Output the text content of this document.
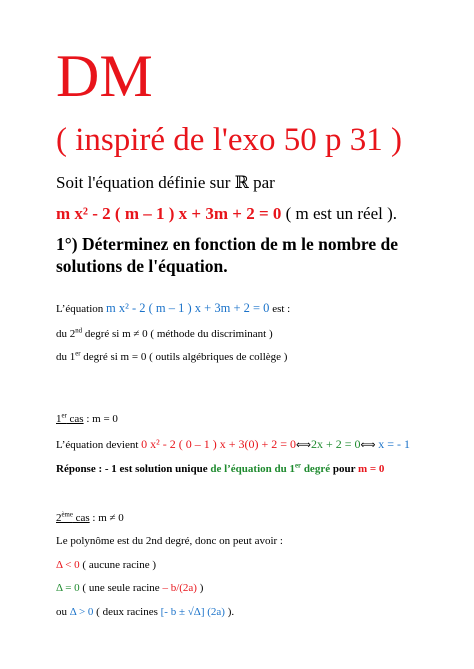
DM
( inspiré de l'exo 50 p 31 )
Soit l'équation définie sur ℝ par
m x² - 2 ( m – 1 ) x + 3m + 2 = 0 ( m est un réel ).
1°) Déterminez en fonction de m le nombre de solutions de l'équation.
L’équation m x² - 2 ( m – 1 ) x + 3m + 2 = 0 est :
du 2nd degré si m ≠ 0 ( méthode du discriminant )
du 1er degré si m = 0 ( outils algébriques de collège )
1er cas : m = 0
L’équation devient 0 x² - 2 ( 0 – 1 ) x + 3(0) + 2 = 0⟺2x + 2 = 0⟺ x = - 1
Réponse : - 1 est solution unique de l’équation du 1er degré pour m = 0
2ème cas : m ≠ 0
Le polynôme est du 2nd degré, donc on peut avoir :
Δ < 0 ( aucune racine )
Δ = 0 ( une seule racine – b/(2a) )
ou Δ > 0 ( deux racines [- b ± √Δ] (2a) ).
